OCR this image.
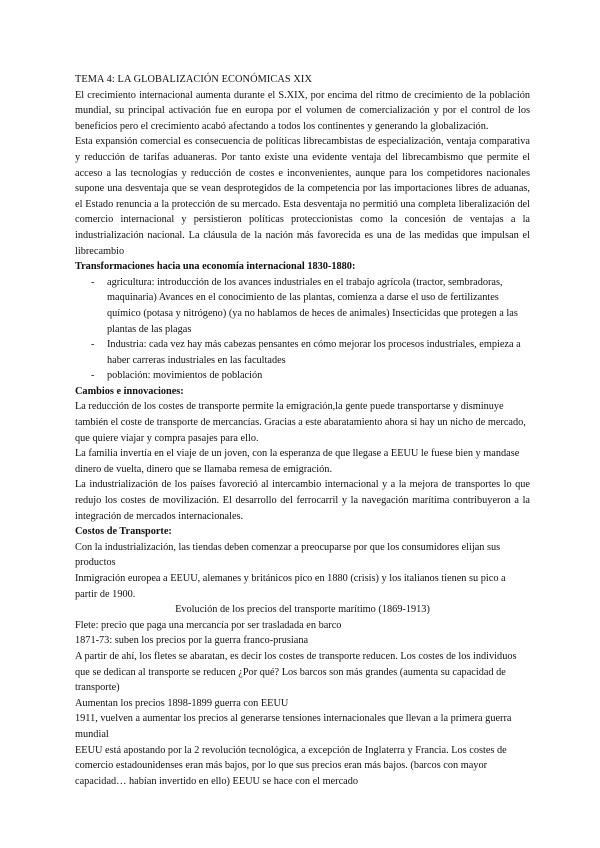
TEMA 4: LA GLOBALIZACIÓN ECONÓMICAS XIX

El crecimiento internacional aumenta durante el S.XIX, por encima del ritmo de crecimiento de la población mundial, su principal activación fue en europa por el volumen de comercialización y por el control de los beneficios pero el crecimiento acabó afectando a todos los continentes y generando la globalización.

Esta expansión comercial es consecuencia de políticas librecambistas de especialización, ventaja comparativa y reducción de tarifas aduaneras. Por tanto existe una evidente ventaja del librecambismo que permite el acceso a las tecnologías y reducción de costes e inconvenientes, aunque para los competidores nacionales supone una desventaja que se vean desprotegidos de la competencia por las importaciones libres de aduanas, el Estado renuncia a la protección de su mercado. Esta desventaja no permitió una completa liberalización del comercio internacional y persistieron políticas proteccionistas como la concesión de ventajas a la industrialización nacional. La cláusula de la nación más favorecida es una de las medidas que impulsan el librecambio

Transformaciones hacia una economía internacional 1830-1880:

- agricultura: introducción de los avances industriales en el trabajo agrícola (tractor, sembradoras, maquinaria) Avances en el conocimiento de las plantas, comienza a darse el uso de fertilizantes químico (potasa y nitrógeno) (ya no hablamos de heces de animales) Insecticidas que protegen a las plantas de las plagas
- Industria: cada vez hay más cabezas pensantes en cómo mejorar los procesos industriales, empieza a haber carreras industriales en las facultades
- población: movimientos de población

Cambios e innovaciones:

La reducción de los costes de transporte permite la emigración,la gente puede transportarse y disminuye también el coste de transporte de mercancías. Gracias a este abaratamiento ahora si hay un nicho de mercado, que quiere viajar y compra pasajes para ello.

La familia invertía en el viaje de un joven, con la esperanza de que llegase a EEUU le fuese bien y mandase dinero de vuelta, dinero que se llamaba remesa de emigración.

La industrialización de los países favoreció al intercambio internacional y a la mejora de transportes lo que redujo los costes de movilización. El desarrollo del ferrocarril y la navegación marítima contribuyeron a la integración de mercados internacionales.

Costos de Transporte:

Con la industrialización, las tiendas deben comenzar a preocuparse por que los consumidores elijan sus productos

Inmigración europea a EEUU, alemanes y británicos pico en 1880 (crisis) y los italianos tienen su pico a partir de 1900.

Evolución de los precios del transporte marítimo (1869-1913)

Flete: precio que paga una mercancía por ser trasladada en barco

1871-73: suben los precios por la guerra franco-prusiana

A partir de ahí, los fletes se abaratan, es decir los costes de transporte reducen. Los costes de los individuos que se dedican al transporte se reducen ¿Por qué? Los barcos son más grandes (aumenta su capacidad de transporte)

Aumentan los precios 1898-1899 guerra con EEUU

1911, vuelven a aumentar los precios al generarse tensiones internacionales que llevan a la primera guerra mundial

EEUU está apostando por la 2 revolución tecnológica, a excepción de Inglaterra y Francia. Los costes de comercio estadounidenses eran más bajos, por lo que sus precios eran más bajos. (barcos con mayor capacidad… habían invertido en ello) EEUU se hace con el mercado
